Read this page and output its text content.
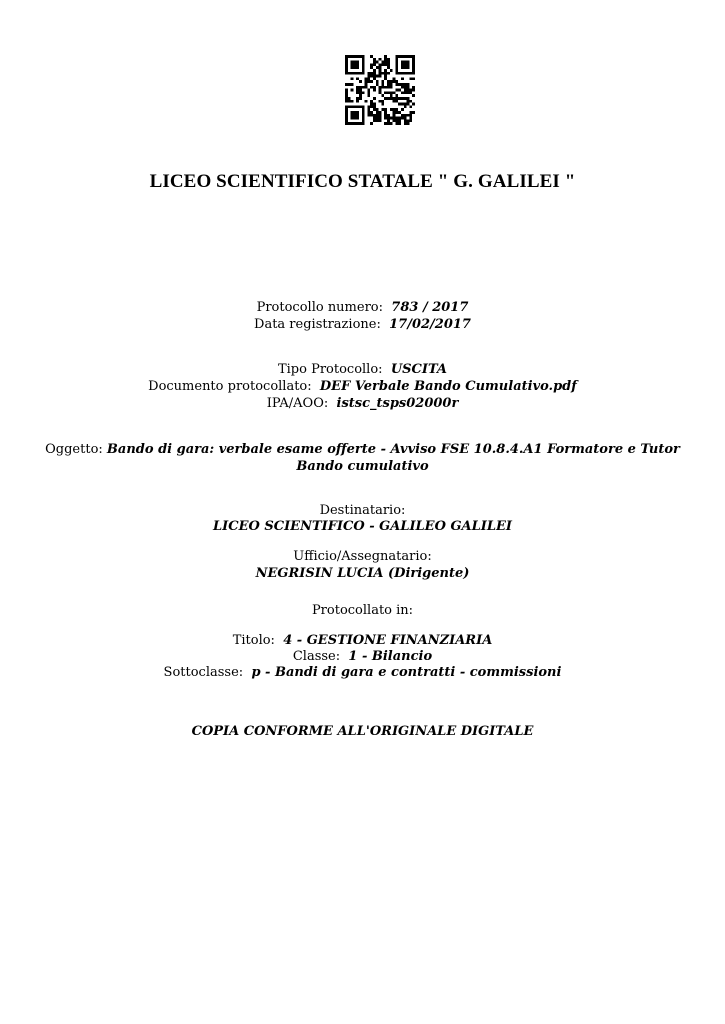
LICEO SCIENTIFICO STATALE " G. GALILEI "
Protocollo numero: 783 / 2017
Data registrazione: 17/02/2017
Tipo Protocollo: USCITA
Documento protocollato: DEF Verbale Bando Cumulativo.pdf
IPA/AOO: istsc_tsps02000r
Oggetto: Bando di gara: verbale esame offerte - Avviso FSE 10.8.4.A1 Formatore e Tutor Bando cumulativo
Destinatario:
LICEO SCIENTIFICO - GALILEO GALILEI
Ufficio/Assegnatario:
NEGRISIN LUCIA (Dirigente)
Protocollato in:
Titolo: 4 - GESTIONE FINANZIARIA
Classe: 1 - Bilancio
Sottoclasse: p - Bandi di gara e contratti - commissioni
COPIA CONFORME ALL'ORIGINALE DIGITALE
